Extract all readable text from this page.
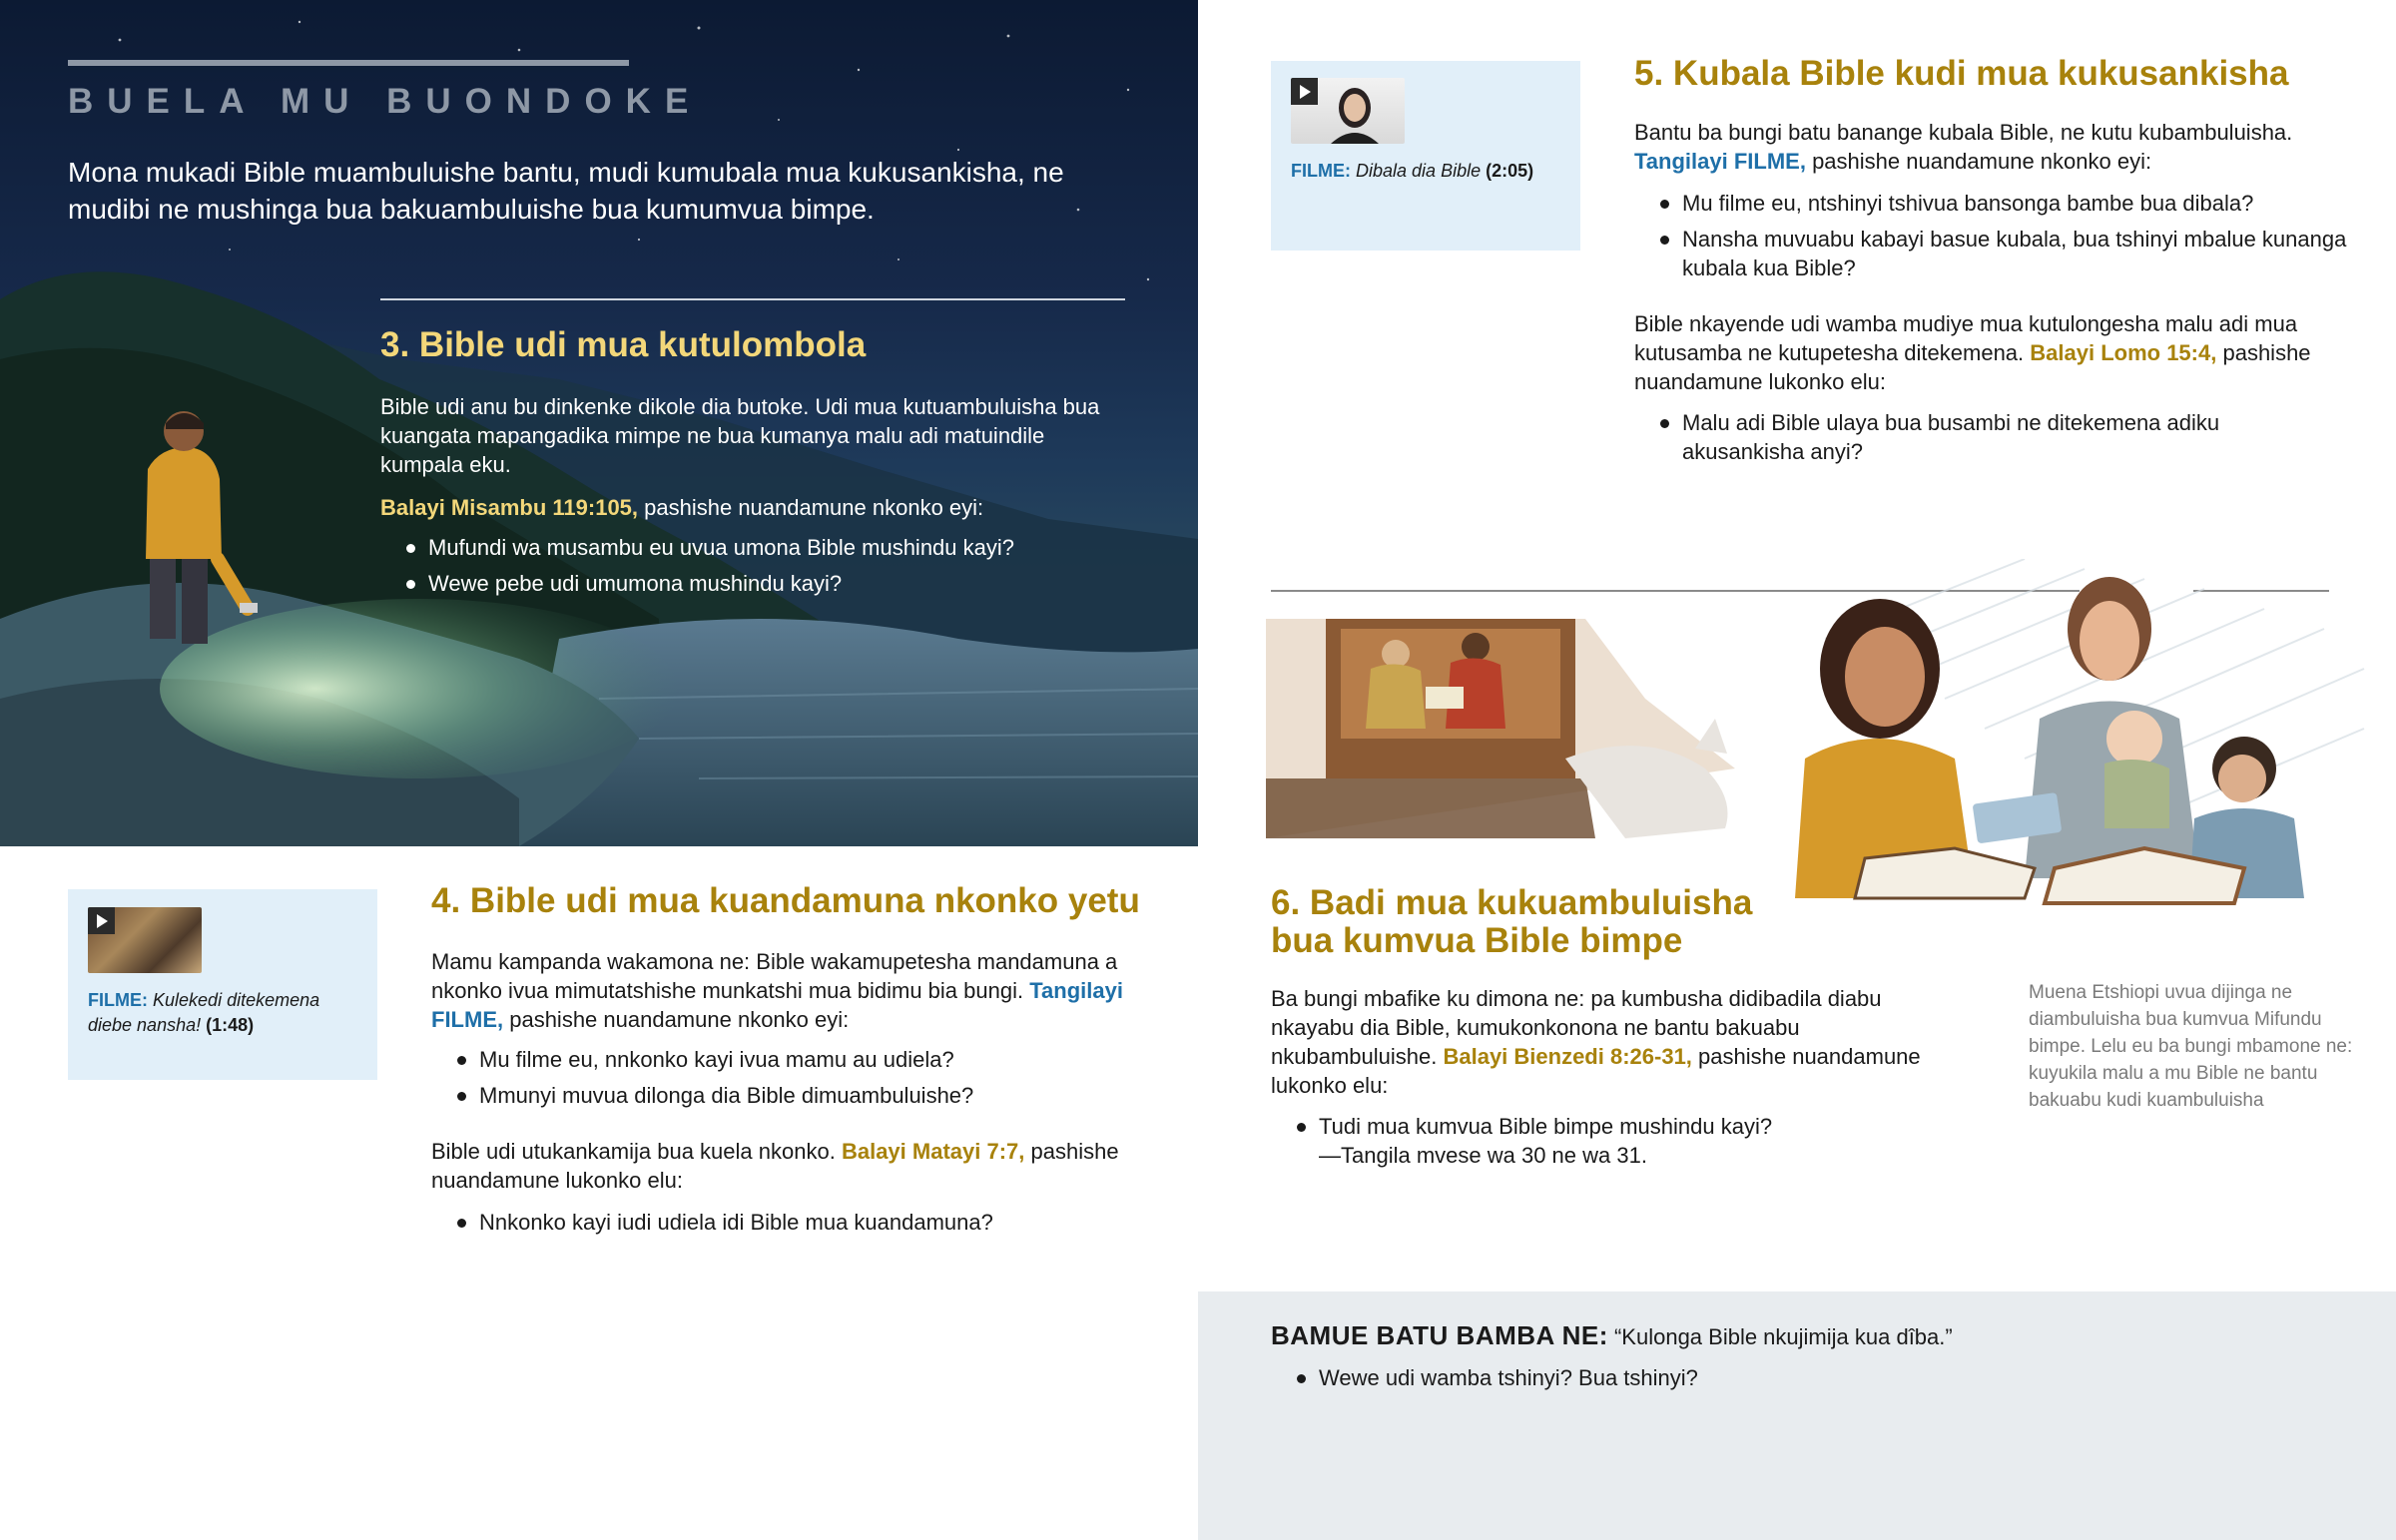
BUELA MU BUONDOKE

Mona mukadi Bible muambuluishe bantu, mudi kumubala mua kukusankisha, ne mudibi ne mushinga bua bakuambuluishe bua kumumvua bimpe.

3. Bible udi mua kutulombola

Bible udi anu bu dinkenke dikole dia butoke. Udi mua kutuambuluisha bua kuangata mapangadika mimpe ne bua kumanya malu adi matuindile kumpala eku.

Balayi Misambu 119:105, pashishe nuandamune nkonko eyi:

Mufundi wa musambu eu uvua umona Bible mushindu kayi?
Wewe pebe udi umumona mushindu kayi?
FILME: Kulekedi ditekemena diebe nansha! (1:48)
4. Bible udi mua kuandamuna nkonko yetu

Mamu kampanda wakamona ne: Bible wakamupetesha mandamuna a nkonko ivua mimutatshishe munkatshi mua bidimu bia bungi. Tangilayi FILME, pashishe nuandamune nkonko eyi:

Mu filme eu, nnkonko kayi ivua mamu au udiela?
Mmunyi muvua dilonga dia Bible dimuambuluishe?

Bible udi utukankamija bua kuela nkonko. Balayi Matayi 7:7, pashishe nuandamune lukonko elu:

Nnkonko kayi iudi udiela idi Bible mua kuandamuna?
FILME: Dibala dia Bible (2:05)
5. Kubala Bible kudi mua kukusankisha

Bantu ba bungi batu banange kubala Bible, ne kutu kubambuluisha. Tangilayi FILME, pashishe nuandamune nkonko eyi:

Mu filme eu, ntshinyi tshivua bansonga bambe bua dibala?
Nansha muvuabu kabayi basue kubala, bua tshinyi mbalue kunanga kubala kua Bible?

Bible nkayende udi wamba mudiye mua kutulongesha malu adi mua kutusamba ne kutupetesha ditekemena. Balayi Lomo 15:4, pashishe nuandamune lukonko elu:

Malu adi Bible ulaya bua busambi ne ditekemena adiku akusankisha anyi?
6. Badi mua kukuambuluisha
bua kumvua Bible bimpe

Ba bungi mbafike ku dimona ne: pa kumbusha didibadila diabu nkayabu dia Bible, kumukonkonona ne bantu bakuabu nkubambuluishe. Balayi Bienzedi 8:26-31, pashishe nuandamune lukonko elu:

Tudi mua kumvua Bible bimpe mushindu kayi?
—Tangila mvese wa 30 ne wa 31.

Muena Etshiopi uvua dijinga ne diambuluisha bua kumvua Mifundu bimpe. Lelu eu ba bungi mbamone ne: kuyukila malu a mu Bible ne bantu bakuabu kudi kuambuluisha

BAMUE BATU BAMBA NE: “Kulonga Bible nkujimija kua dîba.”

Wewe udi wamba tshinyi? Bua tshinyi?
